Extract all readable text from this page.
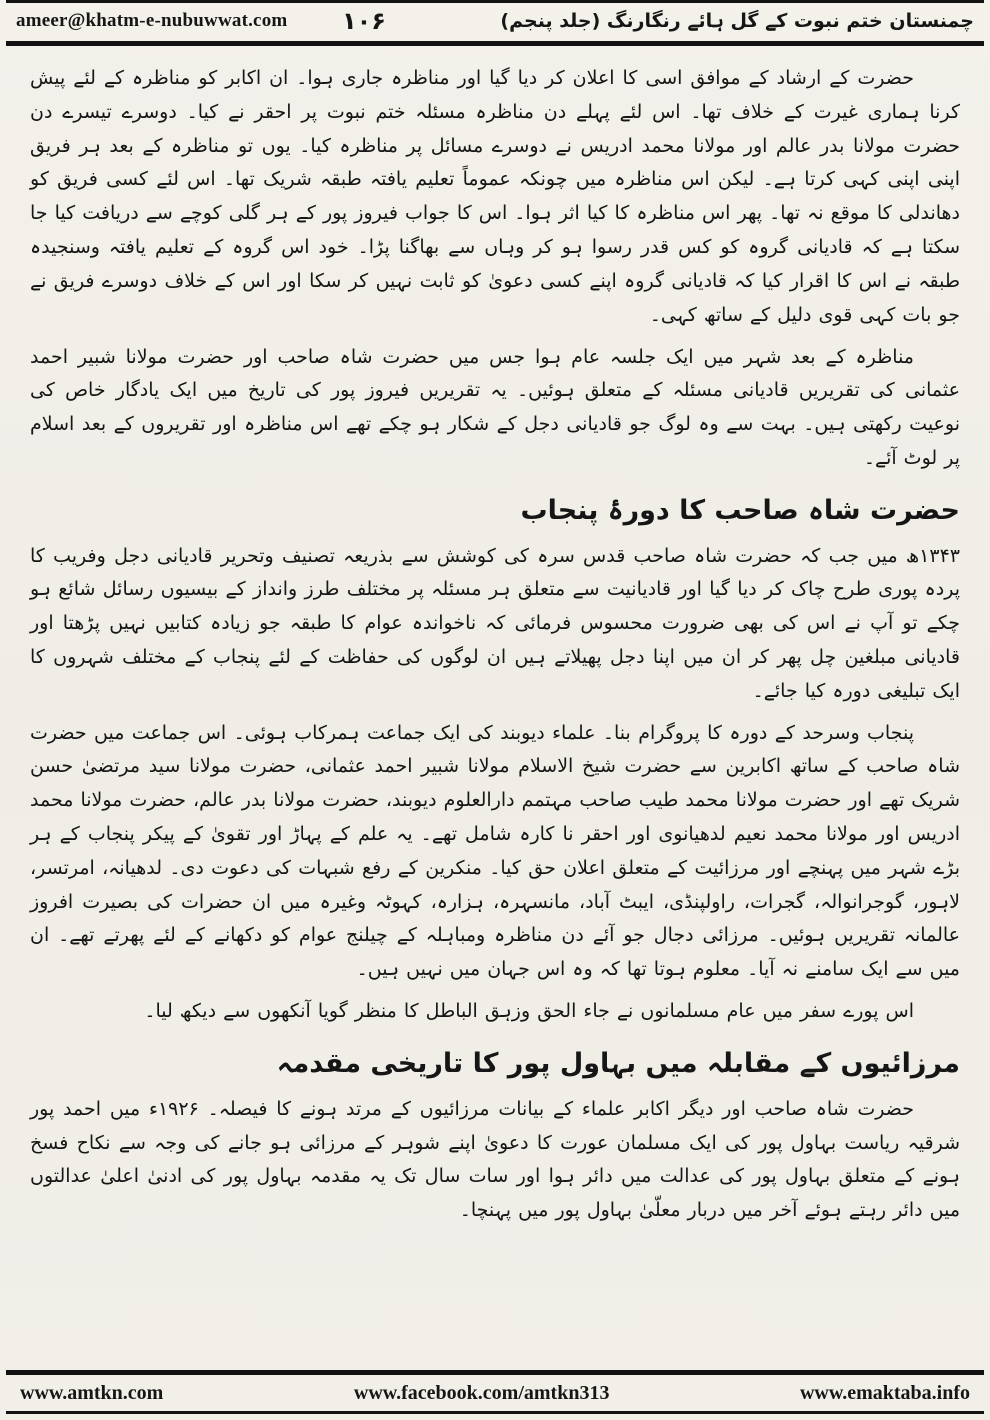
ameer@khatm-e-nubuwwat.com ۱۰۶	چمنستان ختم نبوت کے گل ہائے رنگارنگ (جلد پنجم)

حضرت کے ارشاد کے موافق اسی کا اعلان کر دیا گیا اور مناظرہ جاری ہوا۔ ان اکابر کو مناظرہ کے لئے پیش کرنا ہماری غیرت کے خلاف تھا۔ اس لئے پہلے دن مناظرہ مسئلہ ختم نبوت پر احقر نے کیا۔ دوسرے تیسرے دن حضرت مولانا بدر عالم اور مولانا محمد ادریس نے دوسرے مسائل پر مناظرہ کیا۔ یوں تو مناظرہ کے بعد ہر فریق اپنی اپنی کہی کرتا ہے۔ لیکن اس مناظرہ میں چونکہ عموماً تعلیم یافتہ طبقہ شریک تھا۔ اس لئے کسی فریق کو دھاندلی کا موقع نہ تھا۔ پھر اس مناظرہ کا کیا اثر ہوا۔ اس کا جواب فیروز پور کے ہر گلی کوچے سے دریافت کیا جا سکتا ہے کہ قادیانی گروہ کو کس قدر رسوا ہو کر وہاں سے بھاگنا پڑا۔ خود اس گروہ کے تعلیم یافتہ وسنجیدہ طبقہ نے اس کا اقرار کیا کہ قادیانی گروہ اپنے کسی دعویٰ کو ثابت نہیں کر سکا اور اس کے خلاف دوسرے فریق نے جو بات کہی قوی دلیل کے ساتھ کہی۔

مناظرہ کے بعد شہر میں ایک جلسہ عام ہوا جس میں حضرت شاہ صاحب اور حضرت مولانا شبیر احمد عثمانی کی تقریریں قادیانی مسئلہ کے متعلق ہوئیں۔ یہ تقریریں فیروز پور کی تاریخ میں ایک یادگار خاص کی نوعیت رکھتی ہیں۔ بہت سے وہ لوگ جو قادیانی دجل کے شکار ہو چکے تھے اس مناظرہ اور تقریروں کے بعد اسلام پر لوٹ آئے۔

حضرت شاہ صاحب کا دورۂ پنجاب

۱۳۴۳ھ میں جب کہ حضرت شاہ صاحب قدس سرہ کی کوشش سے بذریعہ تصنیف وتحریر قادیانی دجل وفریب کا پردہ پوری طرح چاک کر دیا گیا اور قادیانیت سے متعلق ہر مسئلہ پر مختلف طرز وانداز کے بیسیوں رسائل شائع ہو چکے تو آپ نے اس کی بھی ضرورت محسوس فرمائی کہ ناخواندہ عوام کا طبقہ جو زیادہ کتابیں نہیں پڑھتا اور قادیانی مبلغین چل پھر کر ان میں اپنا دجل پھیلاتے ہیں ان لوگوں کی حفاظت کے لئے پنجاب کے مختلف شہروں کا ایک تبلیغی دورہ کیا جائے۔

پنجاب وسرحد کے دورہ کا پروگرام بنا۔ علماء دیوبند کی ایک جماعت ہمرکاب ہوئی۔ اس جماعت میں حضرت شاہ صاحب کے ساتھ اکابرین سے حضرت شیخ الاسلام مولانا شبیر احمد عثمانی، حضرت مولانا سید مرتضیٰ حسن شریک تھے اور حضرت مولانا محمد طیب صاحب مہتمم دارالعلوم دیوبند، حضرت مولانا بدر عالم، حضرت مولانا محمد ادریس اور مولانا محمد نعیم لدھیانوی اور احقر نا کارہ شامل تھے۔ یہ علم کے پہاڑ اور تقویٰ کے پیکر پنجاب کے ہر بڑے شہر میں پہنچے اور مرزائیت کے متعلق اعلان حق کیا۔ منکرین کے رفع شبہات کی دعوت دی۔ لدھیانہ، امرتسر، لاہور، گوجرانوالہ، گجرات، راولپنڈی، ایبٹ آباد، مانسہرہ، ہزارہ، کہوٹہ وغیرہ میں ان حضرات کی بصیرت افروز عالمانہ تقریریں ہوئیں۔ مرزائی دجال جو آئے دن مناظرہ ومباہلہ کے چیلنج عوام کو دکھانے کے لئے پھرتے تھے۔ ان میں سے ایک سامنے نہ آیا۔ معلوم ہوتا تھا کہ وہ اس جہان میں نہیں ہیں۔

اس پورے سفر میں عام مسلمانوں نے جاء الحق وزہق الباطل کا منظر گویا آنکھوں سے دیکھ لیا۔

مرزائیوں کے مقابلہ میں بہاول پور کا تاریخی مقدمہ

حضرت شاہ صاحب اور دیگر اکابر علماء کے بیانات مرزائیوں کے مرتد ہونے کا فیصلہ۔ ۱۹۲۶ء میں احمد پور شرقیہ ریاست بہاول پور کی ایک مسلمان عورت کا دعویٰ اپنے شوہر کے مرزائی ہو جانے کی وجہ سے نکاح فسخ ہونے کے متعلق بہاول پور کی عدالت میں دائر ہوا اور سات سال تک یہ مقدمہ بہاول پور کی ادنیٰ اعلیٰ عدالتوں میں دائر رہتے ہوئے آخر میں دربار معلّیٰ بہاول پور میں پہنچا۔

www.amtkn.com	www.facebook.com/amtkn313	www.emaktaba.info
